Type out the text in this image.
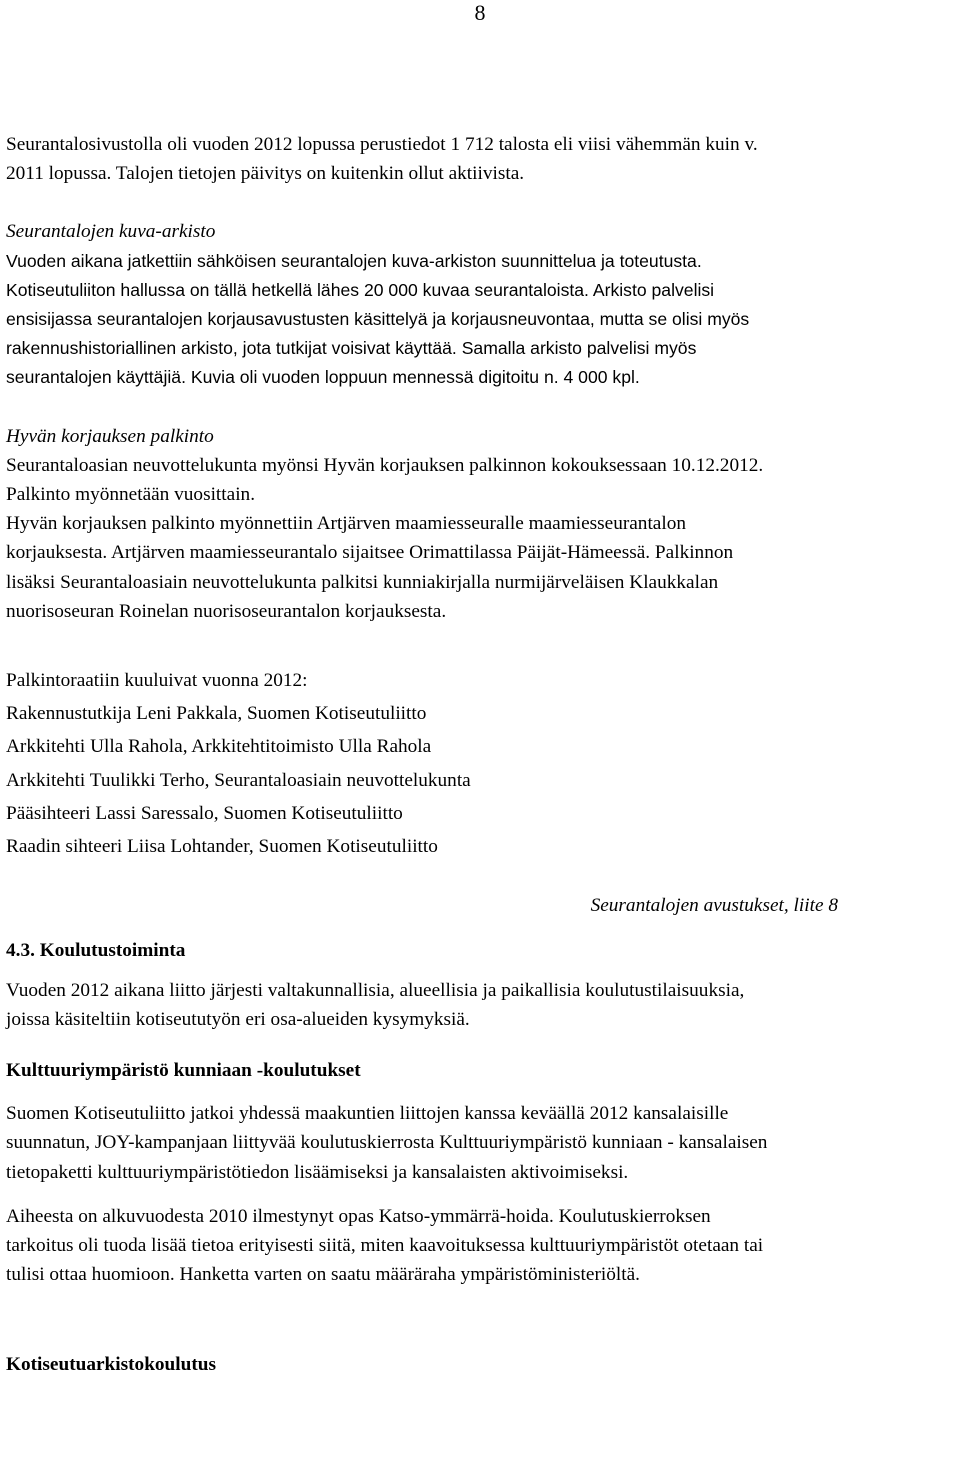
8

Seurantalosivustolla oli vuoden 2012 lopussa perustiedot 1 712 talosta eli viisi vähemmän kuin v.

2011 lopussa. Talojen tietojen päivitys on kuitenkin ollut aktiivista.

Seurantalojen kuva-arkisto

Vuoden aikana jatkettiin sähköisen seurantalojen kuva-arkiston suunnittelua ja toteutusta.

Kotiseutuliiton hallussa on tällä hetkellä lähes 20 000 kuvaa seurantaloista. Arkisto palvelisi

ensisijassa seurantalojen korjausavustusten käsittelyä ja korjausneuvontaa, mutta se olisi myös

rakennushistoriallinen arkisto, jota tutkijat voisivat käyttää. Samalla arkisto palvelisi myös

seurantalojen käyttäjiä. Kuvia oli vuoden loppuun mennessä digitoitu n. 4 000 kpl.

Hyvän korjauksen palkinto

Seurantaloasian neuvottelukunta myönsi Hyvän korjauksen palkinnon kokouksessaan 10.12.2012.

Palkinto myönnetään vuosittain.

Hyvän korjauksen palkinto myönnettiin Artjärven maamiesseuralle maamiesseurantalon

korjauksesta. Artjärven maamiesseurantalo sijaitsee Orimattilassa Päijät-Hämeessä. Palkinnon

lisäksi Seurantaloasiain neuvottelukunta palkitsi kunniakirjalla nurmijärveläisen Klaukkalan

nuorisoseuran Roinelan nuorisoseurantalon korjauksesta.

Palkintoraatiin kuuluivat vuonna 2012:

Rakennustutkija Leni Pakkala, Suomen Kotiseutuliitto

Arkkitehti Ulla Rahola, Arkkitehtitoimisto Ulla Rahola

Arkkitehti Tuulikki Terho, Seurantaloasiain neuvottelukunta

Pääsihteeri Lassi Saressalo, Suomen Kotiseutuliitto

Raadin sihteeri Liisa Lohtander, Suomen Kotiseutuliitto

Seurantalojen avustukset, liite 8

4.3. Koulutustoiminta

Vuoden 2012 aikana liitto järjesti valtakunnallisia, alueellisia ja paikallisia koulutustilaisuuksia,

joissa käsiteltiin kotiseututyön eri osa-alueiden kysymyksiä.

Kulttuuriympäristö kunniaan -koulutukset

Suomen Kotiseutuliitto jatkoi yhdessä maakuntien liittojen kanssa keväällä 2012 kansalaisille

suunnatun, JOY-kampanjaan liittyvää koulutuskierrosta Kulttuuriympäristö kunniaan - kansalaisen

tietopaketti kulttuuriympäristötiedon lisäämiseksi ja kansalaisten aktivoimiseksi.

Aiheesta on alkuvuodesta 2010 ilmestynyt opas Katso-ymmärrä-hoida. Koulutuskierroksen

tarkoitus oli tuoda lisää tietoa erityisesti siitä, miten kaavoituksessa kulttuuriympäristöt otetaan tai

tulisi ottaa huomioon. Hanketta varten on saatu määräraha ympäristöministeriöltä.

Kotiseutuarkistokoulutus
